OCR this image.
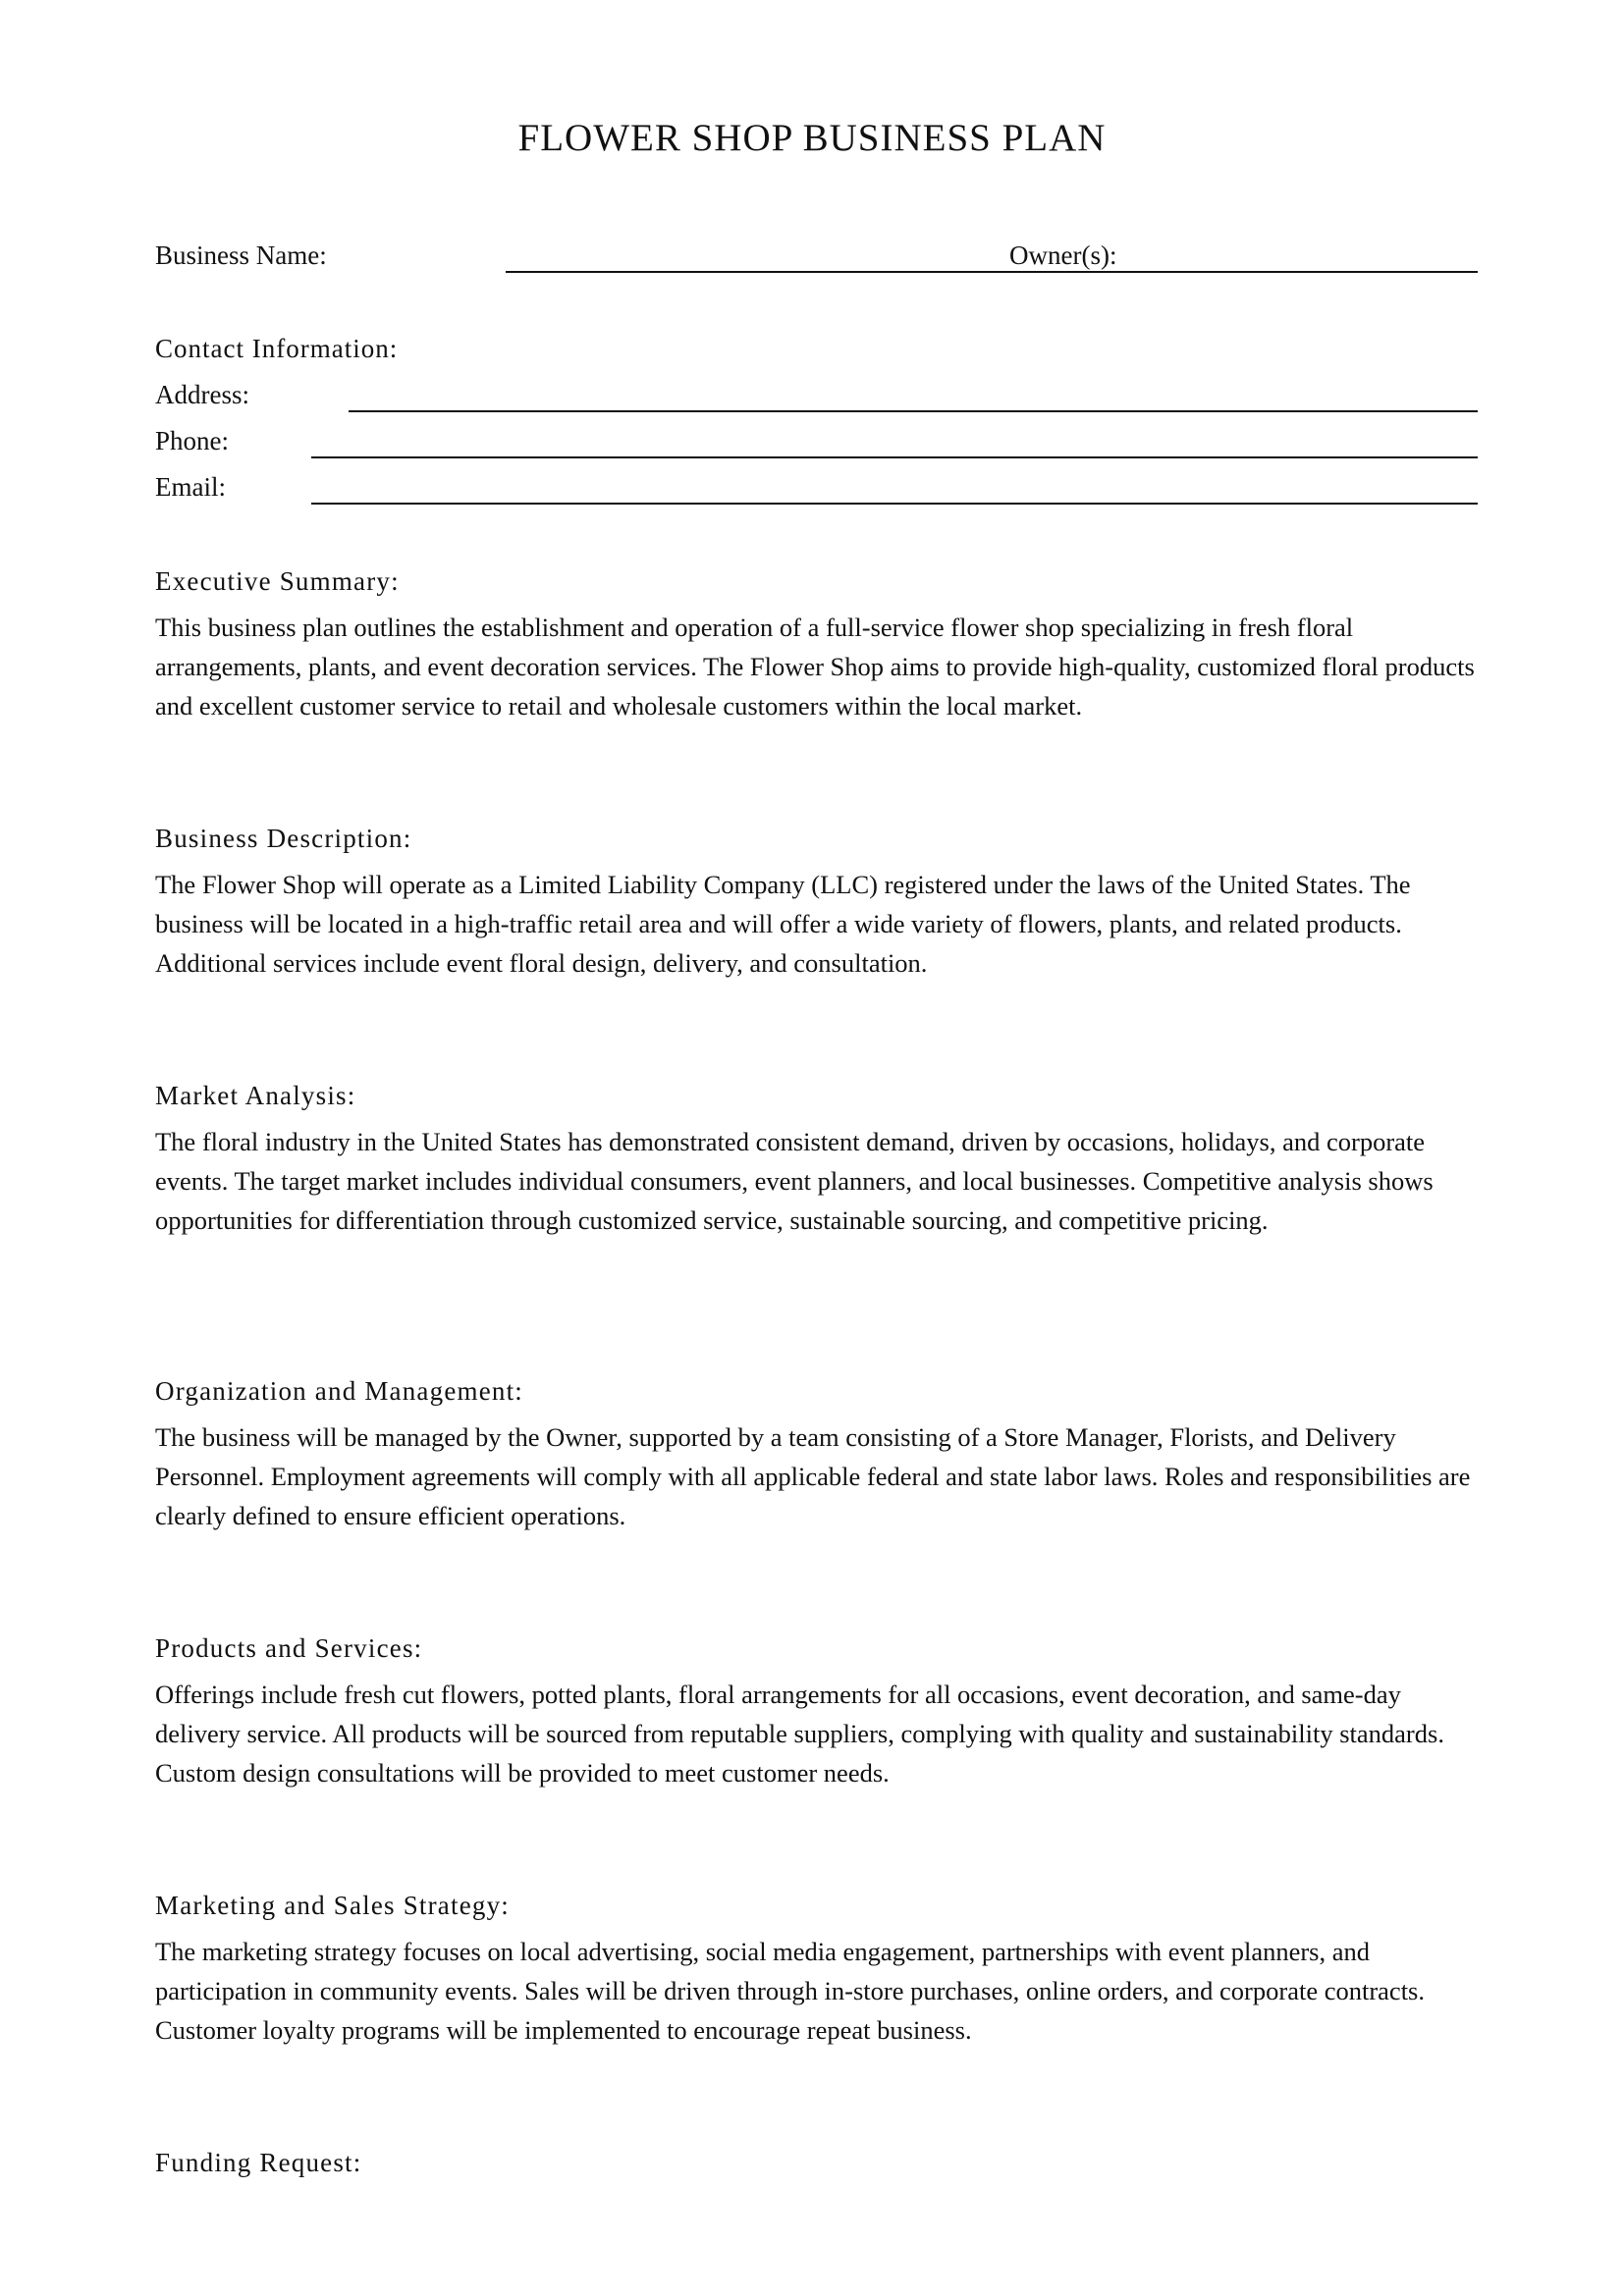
FLOWER SHOP BUSINESS PLAN
Business Name:	Owner(s):
Contact Information:
Address:
Phone:
Email:
Executive Summary:

This business plan outlines the establishment and operation of a full-service flower shop specializing in fresh floral arrangements, plants, and event decoration services. The Flower Shop aims to provide high-quality, customized floral products and excellent customer service to retail and wholesale customers within the local market.

Business Description:

The Flower Shop will operate as a Limited Liability Company (LLC) registered under the laws of the United States. The business will be located in a high-traffic retail area and will offer a wide variety of flowers, plants, and related products. Additional services include event floral design, delivery, and consultation.

Market Analysis:

The floral industry in the United States has demonstrated consistent demand, driven by occasions, holidays, and corporate events. The target market includes individual consumers, event planners, and local businesses. Competitive analysis shows opportunities for differentiation through customized service, sustainable sourcing, and competitive pricing.

Organization and Management:

The business will be managed by the Owner, supported by a team consisting of a Store Manager, Florists, and Delivery Personnel. Employment agreements will comply with all applicable federal and state labor laws. Roles and responsibilities are clearly defined to ensure efficient operations.

Products and Services:

Offerings include fresh cut flowers, potted plants, floral arrangements for all occasions, event decoration, and same-day delivery service. All products will be sourced from reputable suppliers, complying with quality and sustainability standards. Custom design consultations will be provided to meet customer needs.

Marketing and Sales Strategy:

The marketing strategy focuses on local advertising, social media engagement, partnerships with event planners, and participation in community events. Sales will be driven through in-store purchases, online orders, and corporate contracts. Customer loyalty programs will be implemented to encourage repeat business.

Funding Request:
